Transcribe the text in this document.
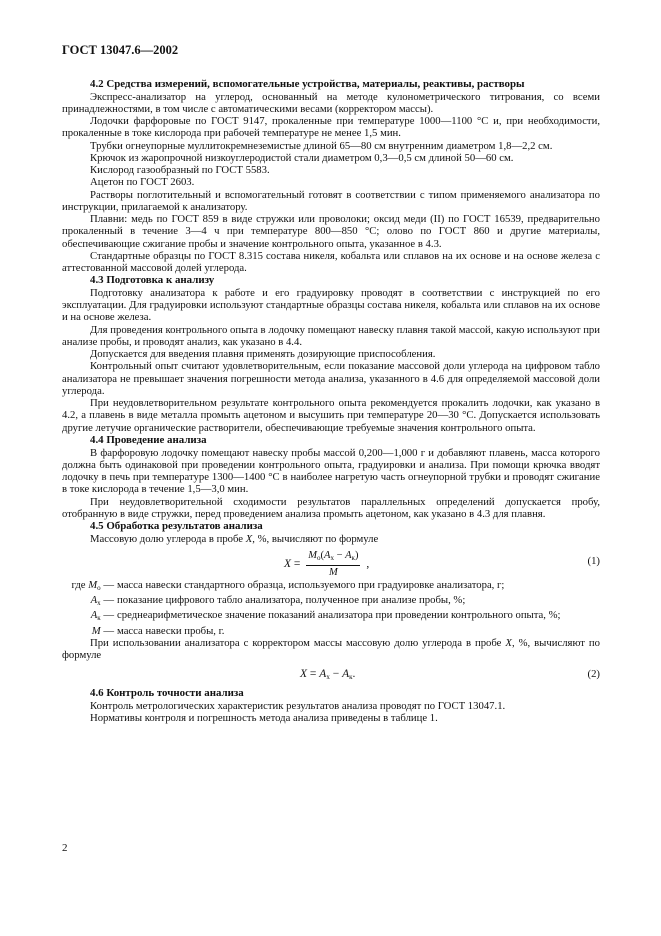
ГОСТ 13047.6—2002
4.2 Средства измерений, вспомогательные устройства, материалы, реактивы, растворы

Экспресс-анализатор на углерод, основанный на методе кулонометрического титрования, со всеми принадлежностями, в том числе с автоматическими весами (корректором массы).

Лодочки фарфоровые по ГОСТ 9147, прокаленные при температуре 1000—1100 °С и, при необходимости, прокаленные в токе кислорода при рабочей температуре не менее 1,5 мин.

Трубки огнеупорные муллитокремнеземистые длиной 65—80 см внутренним диаметром 1,8—2,2 см.

Крючок из жаропрочной низкоуглеродистой стали диаметром 0,3—0,5 см длиной 50—60 см.

Кислород газообразный по ГОСТ 5583.

Ацетон по ГОСТ 2603.

Растворы поглотительный и вспомогательный готовят в соответствии с типом применяемого анализатора по инструкции, прилагаемой к анализатору.

Плавни: медь по ГОСТ 859 в виде стружки или проволоки; оксид меди (II) по ГОСТ 16539, предварительно прокаленный в течение 3—4 ч при температуре 800—850 °С; олово по ГОСТ 860 и другие материалы, обеспечивающие сжигание пробы и значение контрольного опыта, указанное в 4.3.

Стандартные образцы по ГОСТ 8.315 состава никеля, кобальта или сплавов на их основе и на основе железа с аттестованной массовой долей углерода.

4.3 Подготовка к анализу

Подготовку анализатора к работе и его градуировку проводят в соответствии с инструкцией по его эксплуатации. Для градуировки используют стандартные образцы состава никеля, кобальта или сплавов на их основе и на основе железа.

Для проведения контрольного опыта в лодочку помещают навеску плавня такой массой, какую используют при анализе пробы, и проводят анализ, как указано в 4.4.

Допускается для введения плавня применять дозирующие приспособления.

Контрольный опыт считают удовлетворительным, если показание массовой доли углерода на цифровом табло анализатора не превышает значения погрешности метода анализа, указанного в 4.6 для определяемой массовой доли углерода.

При неудовлетворительном результате контрольного опыта рекомендуется прокалить лодочки, как указано в 4.2, а плавень в виде металла промыть ацетоном и высушить при температуре 20—30 °С. Допускается использовать другие летучие органические растворители, обеспечивающие требуемые значения контрольного опыта.

4.4 Проведение анализа

В фарфоровую лодочку помещают навеску пробы массой 0,200—1,000 г и добавляют плавень, масса которого должна быть одинаковой при проведении контрольного опыта, градуировки и анализа. При помощи крючка вводят лодочку в печь при температуре 1300—1400 °С в наиболее нагретую часть огнеупорной трубки и проводят сжигание в токе кислорода в течение 1,5—3,0 мин.

При неудовлетворительной сходимости результатов параллельных определений допускается пробу, отобранную в виде стружки, перед проведением анализа промыть ацетоном, как указано в 4.3 для плавня.

4.5 Обработка результатов анализа

Массовую долю углерода в пробе X, %, вычисляют по формуле

$X = \frac{M_о(A_x - A_к)}{M}$ ,	(1)
где $M_о$ — масса навески стандартного образца, используемого при градуировке анализатора, г;
$A_x$ — показание цифрового табло анализатора, полученное при анализе пробы, %;
$A_к$ — среднеарифметическое значение показаний анализатора при проведении контрольного опыта, %;
M — масса навески пробы, г.

При использовании анализатора с корректором массы массовую долю углерода в пробе X, %, вычисляют по формуле

$X = A_x - A_к$.	(2)
4.6 Контроль точности анализа

Контроль метрологических характеристик результатов анализа проводят по ГОСТ 13047.1.

Нормативы контроля и погрешность метода анализа приведены в таблице 1.

2
